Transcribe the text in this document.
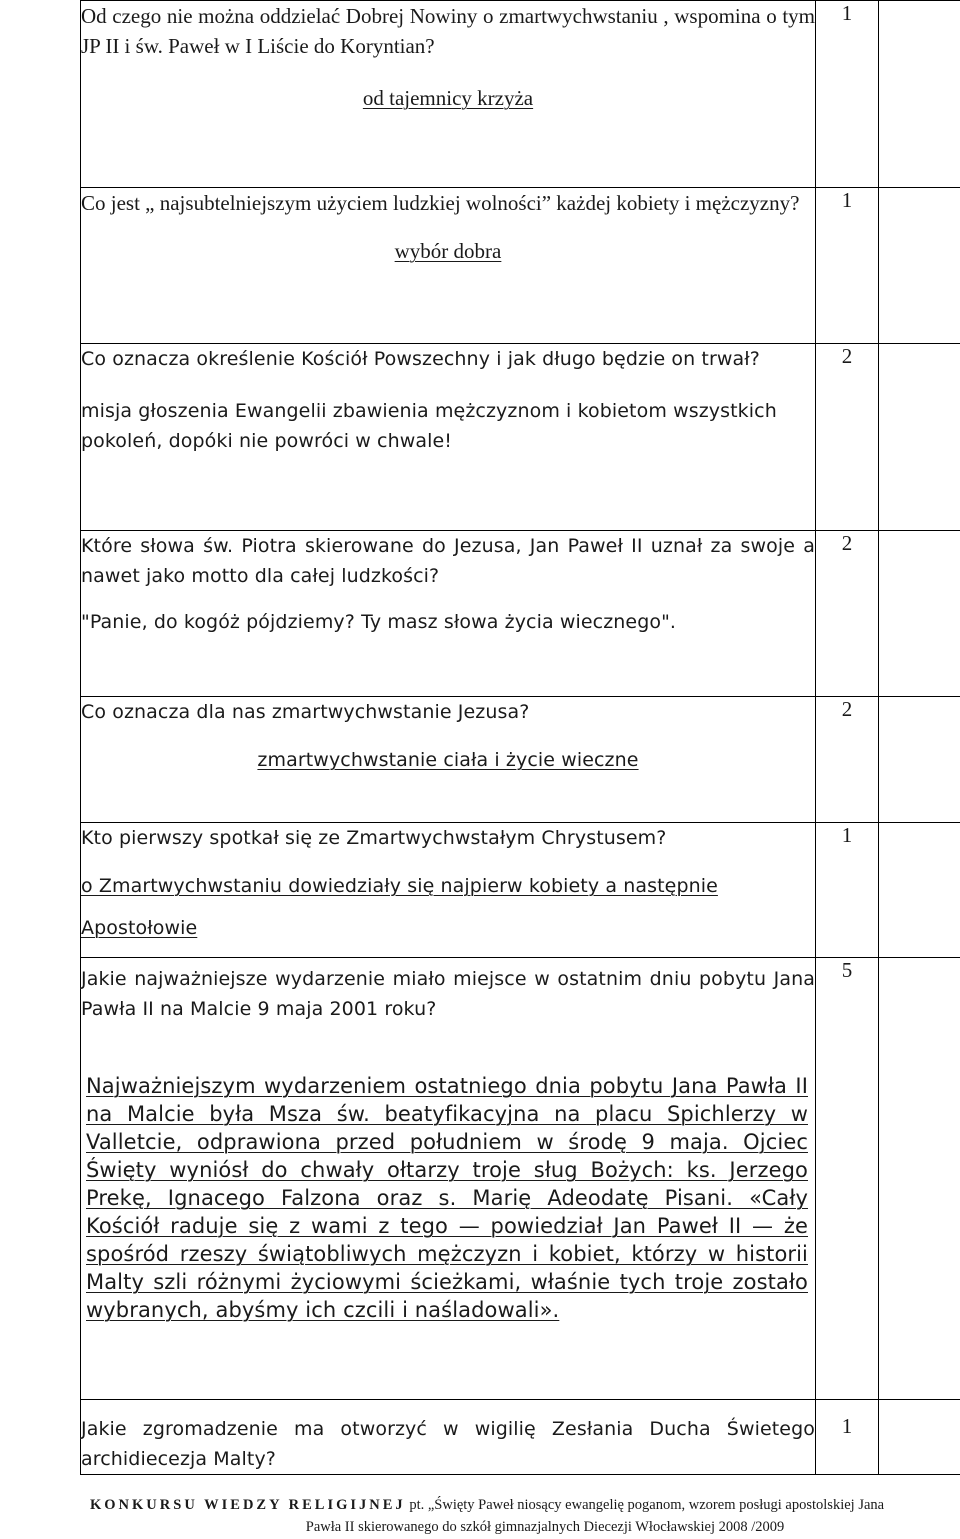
Od czego nie można oddzielać Dobrej Nowiny o zmartwychwstaniu , wspomina o tym JP II i św. Paweł w I Liście do Koryntian?

od tajemnicy krzyża	1	

Co jest „ najsubtelniejszym użyciem ludzkiej wolności” każdej kobiety i mężczyzny?

wybór dobra	1	

Co oznacza określenie Kościół Powszechny i jak długo będzie on trwał?

misja głoszenia Ewangelii zbawienia mężczyznom i kobietom wszystkich pokoleń, dopóki nie powróci w chwale!	2	

Które słowa św. Piotra skierowane do Jezusa, Jan Paweł II uznał za swoje a nawet jako motto dla całej ludzkości?

"Panie, do kogóż pójdziemy? Ty masz słowa życia wiecznego".	2	

Co oznacza dla nas zmartwychwstanie Jezusa?

zmartwychwstanie ciała i życie wieczne	2	

Kto pierwszy spotkał się ze Zmartwychwstałym Chrystusem?

o Zmartwychwstaniu dowiedziały się najpierw kobiety a następnie Apostołowie	1	

Jakie najważniejsze wydarzenie miało miejsce w ostatnim dniu pobytu Jana Pawła II na Malcie 9 maja 2001 roku?

Najważniejszym wydarzeniem ostatniego dnia pobytu Jana Pawła II na Malcie była Msza św. beatyfikacyjna na placu Spichlerzy w Valletcie, odprawiona przed południem w środę 9 maja. Ojciec Święty wyniósł do chwały ołtarzy troje sług Bożych: ks. Jerzego Prekę, Ignacego Falzona oraz s. Marię Adeodatę Pisani. «Cały Kościół raduje się z wami z tego — powiedział Jan Paweł II — że spośród rzeszy świątobliwych mężczyzn i kobiet, którzy w historii Malty szli różnymi życiowymi ścieżkami, właśnie tych troje zostało wybranych, abyśmy ich czcili i naśladowali».	5	

Jakie zgromadzenie ma otworzyć w wigilię Zesłania Ducha Świetego archidiecezja Malty?	1	
KONKURSU WIEDZY RELIGIJNEJ pt. „Święty Paweł niosący ewangelię poganom, wzorem posługi apostolskiej Jana
Pawła II skierowanego do szkół gimnazjalnych Diecezji Włocławskiej 2008 /2009
